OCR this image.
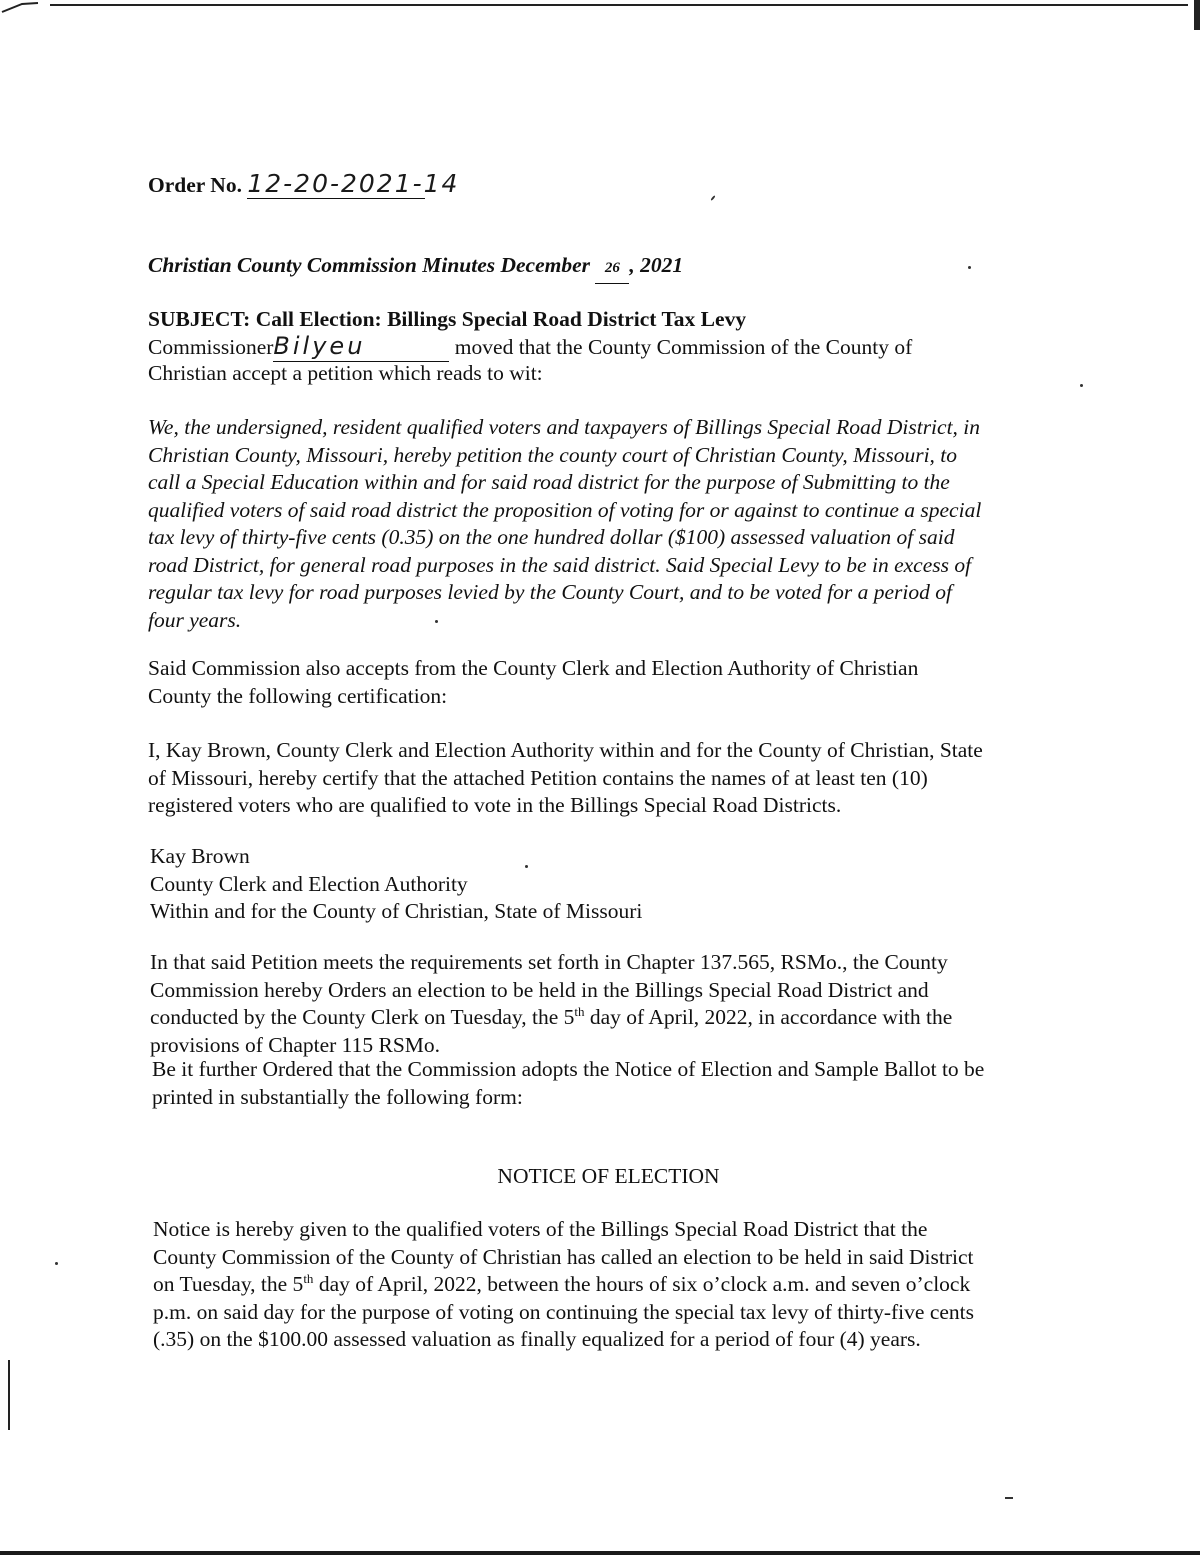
Order No. 12-20-2021-14
Christian County Commission Minutes December 26 , 2021
SUBJECT: Call Election: Billings Special Road District Tax Levy
CommissionerBilyeu	moved that the County Commission of the County of
Christian accept a petition which reads to wit:
We, the undersigned, resident qualified voters and taxpayers of Billings Special Road District, in
Christian County, Missouri, hereby petition the county court of Christian County, Missouri, to
call a Special Education within and for said road district for the purpose of Submitting to the
qualified voters of said road district the proposition of voting for or against to continue a special
tax levy of thirty-five cents (0.35) on the one hundred dollar ($100) assessed valuation of said
road District, for general road purposes in the said district. Said Special Levy to be in excess of
regular tax levy for road purposes levied by the County Court, and to be voted for a period of
four years.
Said Commission also accepts from the County Clerk and Election Authority of Christian
County the following certification:
I, Kay Brown, County Clerk and Election Authority within and for the County of Christian, State
of Missouri, hereby certify that the attached Petition contains the names of at least ten (10)
registered voters who are qualified to vote in the Billings Special Road Districts.
Kay Brown
County Clerk and Election Authority
Within and for the County of Christian, State of Missouri
In that said Petition meets the requirements set forth in Chapter 137.565, RSMo., the County
Commission hereby Orders an election to be held in the Billings Special Road District and
conducted by the County Clerk on Tuesday, the 5th day of April, 2022, in accordance with the
provisions of Chapter 115 RSMo.
Be it further Ordered that the Commission adopts the Notice of Election and Sample Ballot to be
printed in substantially the following form:
NOTICE OF ELECTION
Notice is hereby given to the qualified voters of the Billings Special Road District that the
County Commission of the County of Christian has called an election to be held in said District
on Tuesday, the 5th day of April, 2022, between the hours of six o’clock a.m. and seven o’clock
p.m. on said day for the purpose of voting on continuing the special tax levy of thirty-five cents
(.35) on the $100.00 assessed valuation as finally equalized for a period of four (4) years.
